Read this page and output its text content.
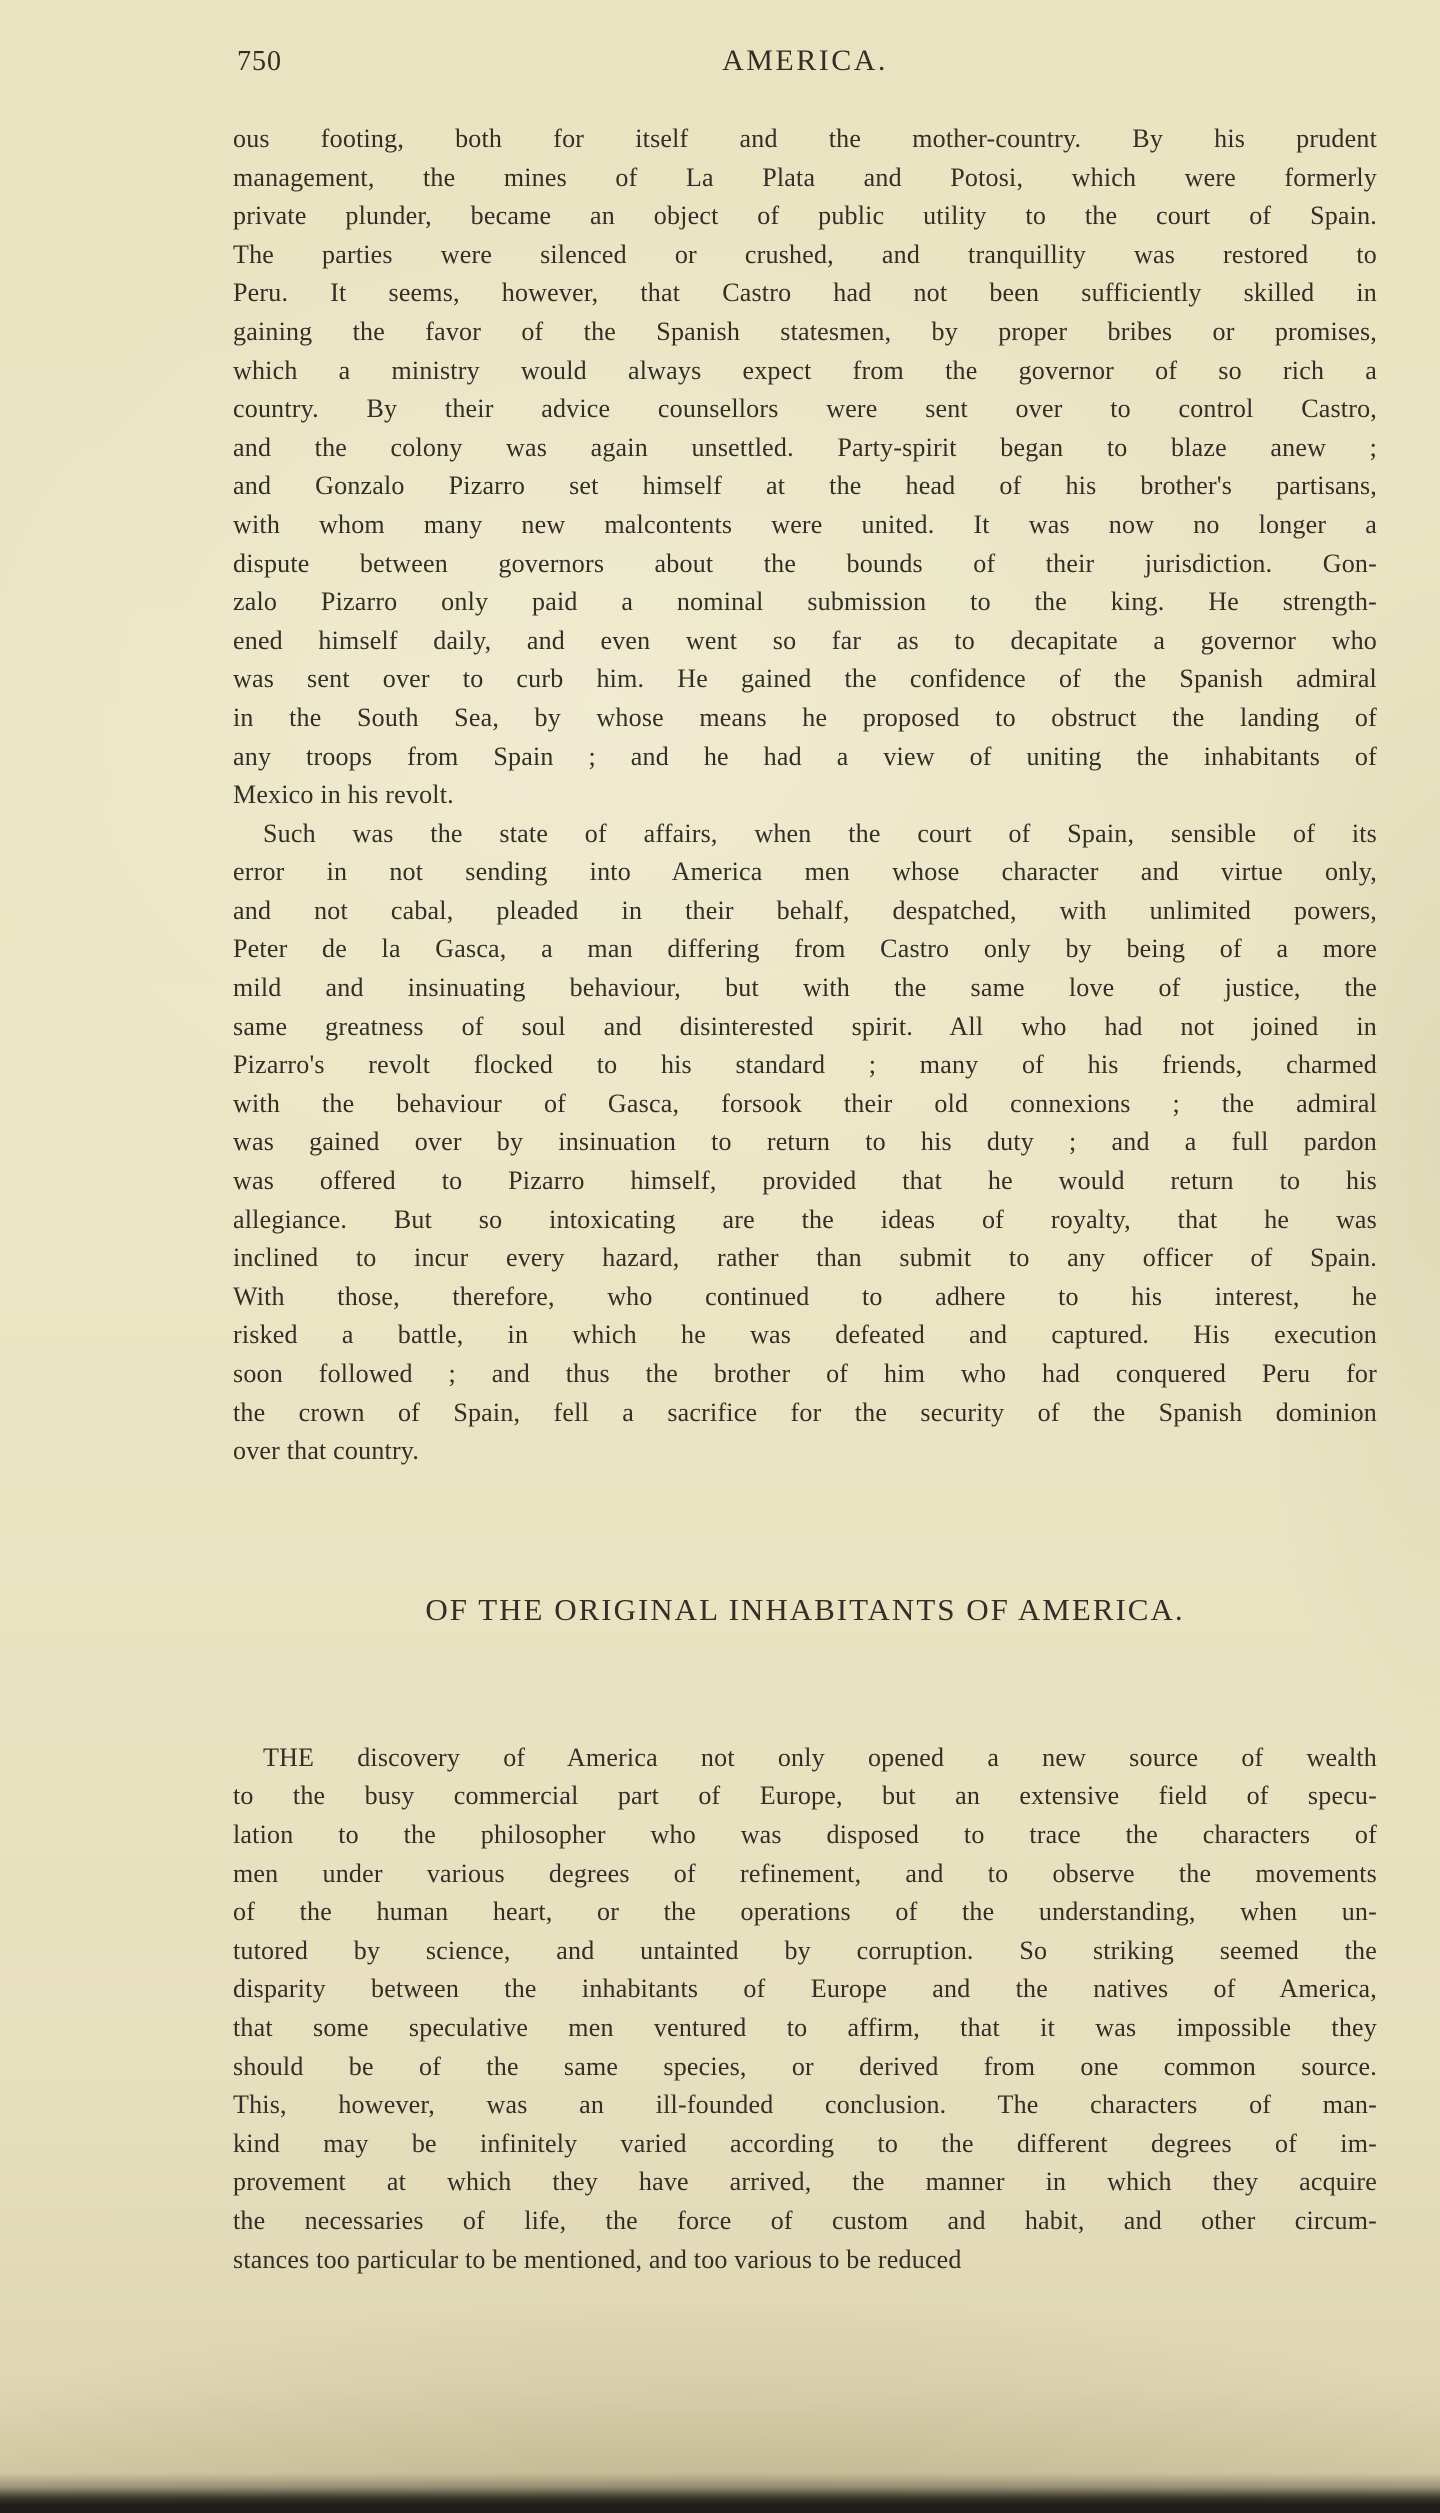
750	AMERICA.

ous footing, both for itself and the mother-country. By his prudent
management, the mines of La Plata and Potosi, which were formerly
private plunder, became an object of public utility to the court of Spain.
The parties were silenced or crushed, and tranquillity was restored to
Peru. It seems, however, that Castro had not been sufficiently skilled in
gaining the favor of the Spanish statesmen, by proper bribes or promises,
which a ministry would always expect from the governor of so rich a
country. By their advice counsellors were sent over to control Castro,
and the colony was again unsettled. Party-spirit began to blaze anew ;
and Gonzalo Pizarro set himself at the head of his brother's partisans,
with whom many new malcontents were united. It was now no longer a
dispute between governors about the bounds of their jurisdiction. Gon-
zalo Pizarro only paid a nominal submission to the king. He strength-
ened himself daily, and even went so far as to decapitate a governor who
was sent over to curb him. He gained the confidence of the Spanish admiral
in the South Sea, by whose means he proposed to obstruct the landing of
any troops from Spain ; and he had a view of uniting the inhabitants of
Mexico in his revolt.

Such was the state of affairs, when the court of Spain, sensible of its
error in not sending into America men whose character and virtue only,
and not cabal, pleaded in their behalf, despatched, with unlimited powers,
Peter de la Gasca, a man differing from Castro only by being of a more
mild and insinuating behaviour, but with the same love of justice, the
same greatness of soul and disinterested spirit. All who had not joined in
Pizarro's revolt flocked to his standard ; many of his friends, charmed
with the behaviour of Gasca, forsook their old connexions ; the admiral
was gained over by insinuation to return to his duty ; and a full pardon
was offered to Pizarro himself, provided that he would return to his
allegiance. But so intoxicating are the ideas of royalty, that he was
inclined to incur every hazard, rather than submit to any officer of Spain.
With those, therefore, who continued to adhere to his interest, he
risked a battle, in which he was defeated and captured. His execution
soon followed ; and thus the brother of him who had conquered Peru for
the crown of Spain, fell a sacrifice for the security of the Spanish dominion
over that country.

OF THE ORIGINAL INHABITANTS OF AMERICA.

THE discovery of America not only opened a new source of wealth
to the busy commercial part of Europe, but an extensive field of specu-
lation to the philosopher who was disposed to trace the characters of
men under various degrees of refinement, and to observe the movements
of the human heart, or the operations of the understanding, when un-
tutored by science, and untainted by corruption. So striking seemed the
disparity between the inhabitants of Europe and the natives of America,
that some speculative men ventured to affirm, that it was impossible they
should be of the same species, or derived from one common source.
This, however, was an ill-founded conclusion. The characters of man-
kind may be infinitely varied according to the different degrees of im-
provement at which they have arrived, the manner in which they acquire
the necessaries of life, the force of custom and habit, and other circum-
stances too particular to be mentioned, and too various to be reduced
